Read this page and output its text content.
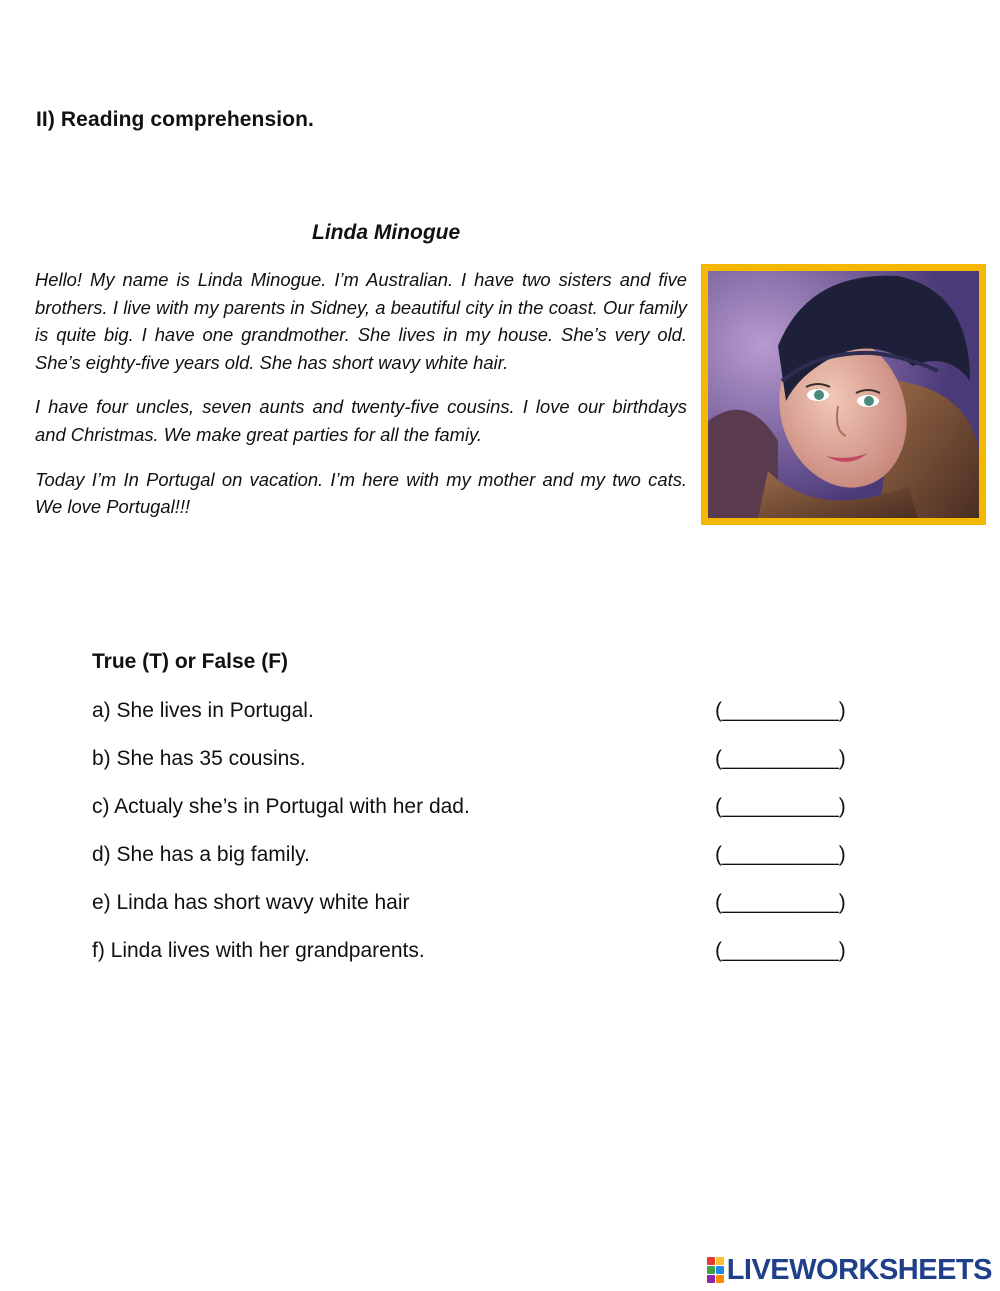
II) Reading comprehension.
Linda Minogue

Hello! My name is Linda Minogue. I’m Australian. I have two sisters and five brothers. I live with my parents in Sidney, a beautiful city in the coast. Our family is quite big. I have one grandmother. She lives in my house. She’s very old. She’s eighty-five years old. She has short wavy white hair.

I have four uncles, seven aunts and twenty-five cousins. I love our birthdays and Christmas. We make great parties for all the famiy.

Today I’m In Portugal on vacation. I’m here with my mother and my two cats. We love Portugal!!!

True (T) or False (F)
a) She lives in Portugal.	(__________)
b) She has 35 cousins.	(__________)
c) Actualy she’s in Portugal with her dad.	(__________)
d) She has a big family.	(__________)
e) Linda has short wavy white hair	(__________)
f) Linda lives with her grandparents.	(__________)
LIVEWORKSHEETS
